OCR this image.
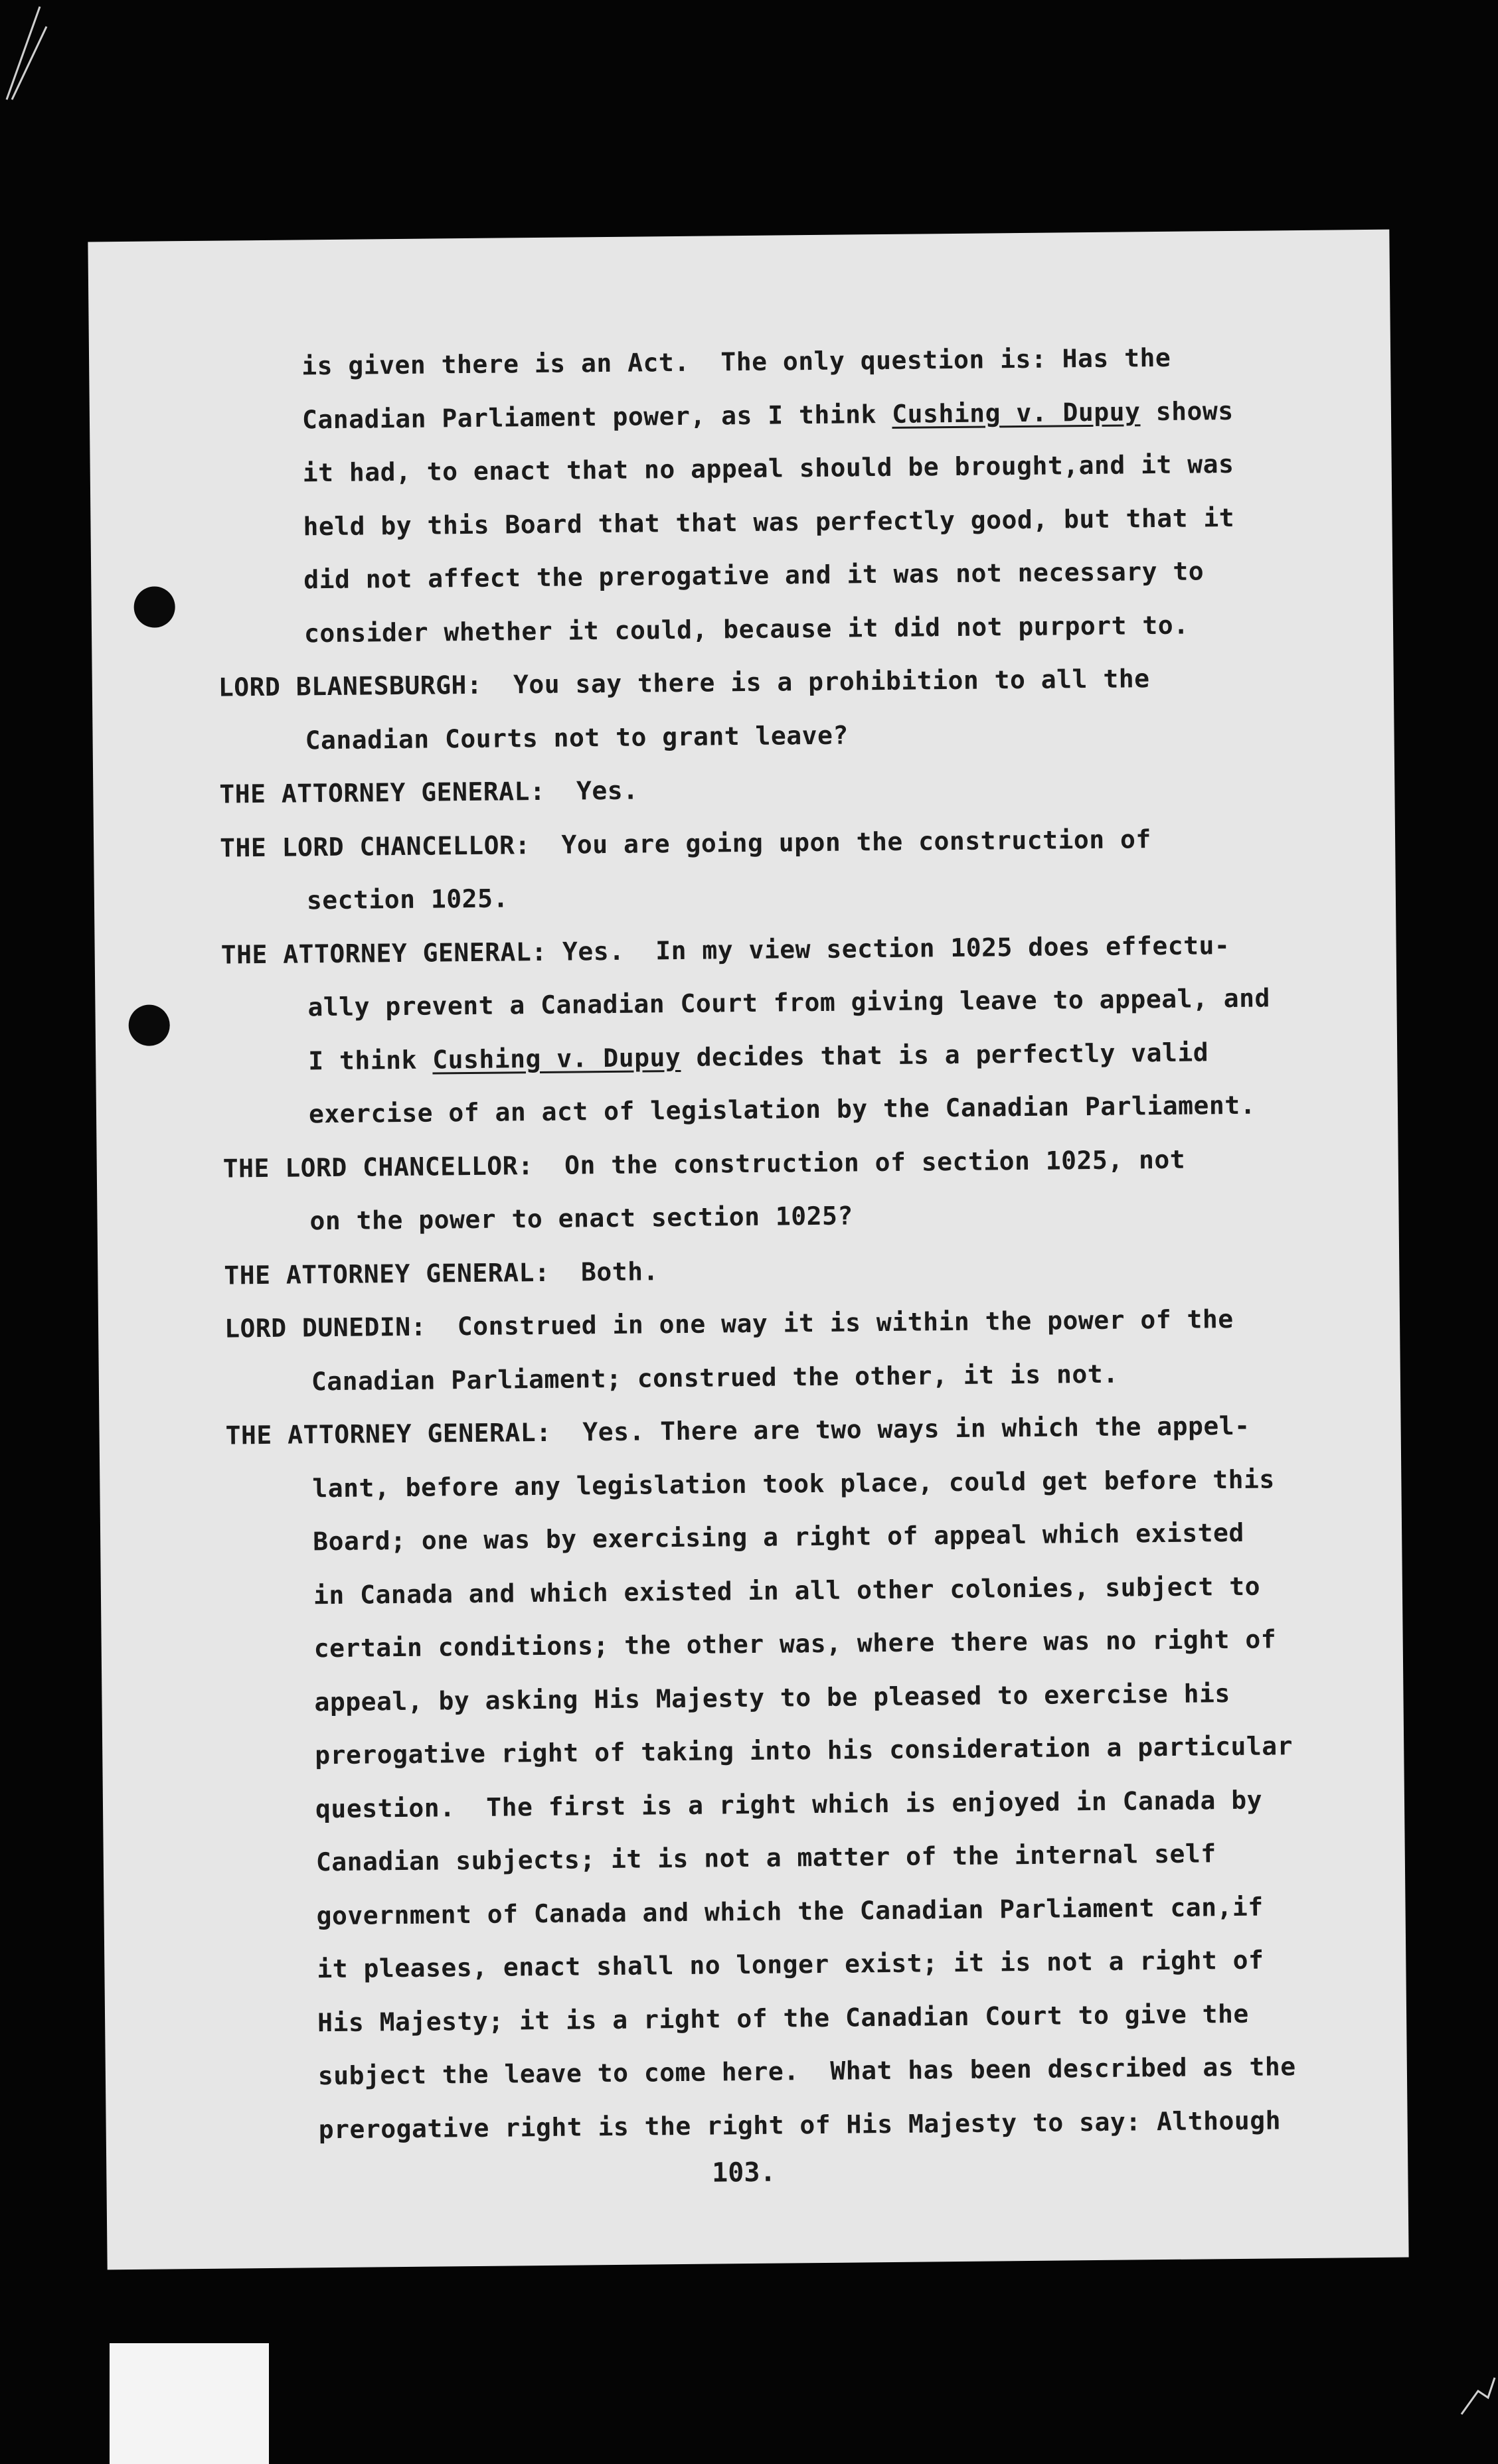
is given there is an Act.  The only question is: Has the
Canadian Parliament power, as I think Cushing v. Dupuy shows
it had, to enact that no appeal should be brought,and it was
held by this Board that that was perfectly good, but that it
did not affect the prerogative and it was not necessary to
consider whether it could, because it did not purport to.
LORD BLANESBURGH:  You say there is a prohibition to all the
Canadian Courts not to grant leave?
THE ATTORNEY GENERAL:  Yes.
THE LORD CHANCELLOR:  You are going upon the construction of
section 1025.
THE ATTORNEY GENERAL: Yes.  In my view section 1025 does effectu-
ally prevent a Canadian Court from giving leave to appeal, and
I think Cushing v. Dupuy decides that is a perfectly valid
exercise of an act of legislation by the Canadian Parliament.
THE LORD CHANCELLOR:  On the construction of section 1025, not
on the power to enact section 1025?
THE ATTORNEY GENERAL:  Both.
LORD DUNEDIN:  Construed in one way it is within the power of the
Canadian Parliament; construed the other, it is not.
THE ATTORNEY GENERAL:  Yes. There are two ways in which the appel-
lant, before any legislation took place, could get before this
Board; one was by exercising a right of appeal which existed
in Canada and which existed in all other colonies, subject to
certain conditions; the other was, where there was no right of
appeal, by asking His Majesty to be pleased to exercise his
prerogative right of taking into his consideration a particular
question.  The first is a right which is enjoyed in Canada by
Canadian subjects; it is not a matter of the internal self
government of Canada and which the Canadian Parliament can,if
it pleases, enact shall no longer exist; it is not a right of
His Majesty; it is a right of the Canadian Court to give the
subject the leave to come here.  What has been described as the
prerogative right is the right of His Majesty to say: Although
103.
